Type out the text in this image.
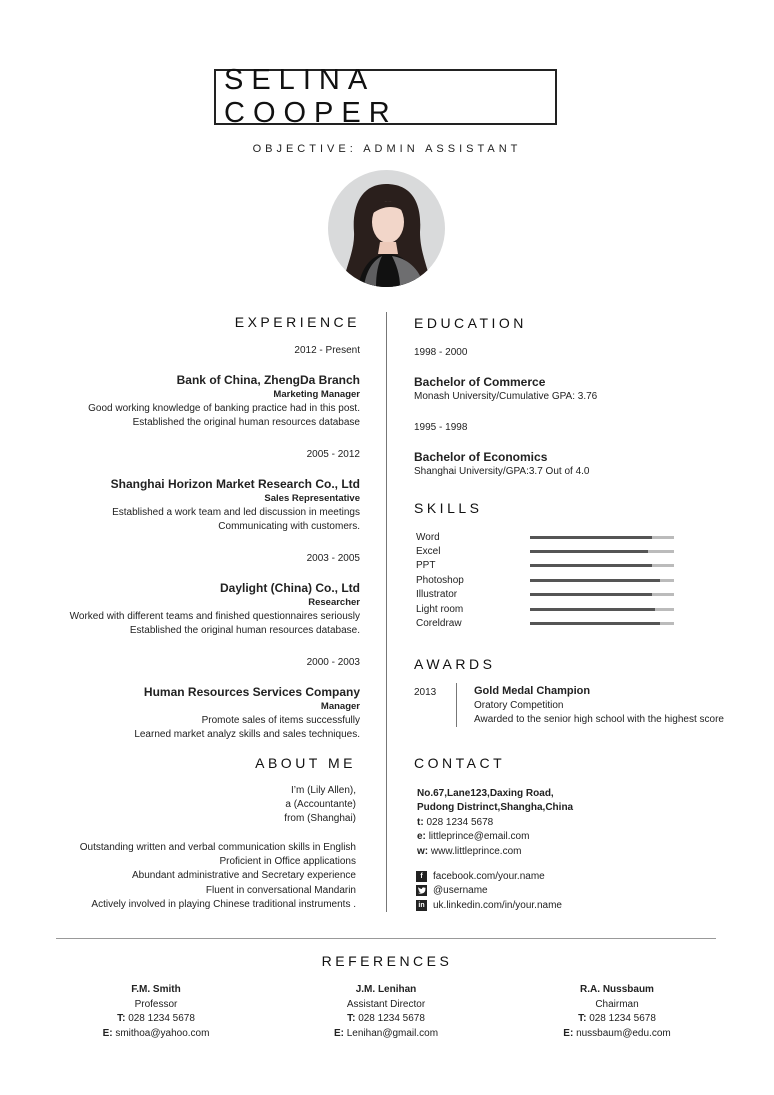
SELINA COOPER
OBJECTIVE: ADMIN ASSISTANT
EXPERIENCE
2012 - Present
Bank of China, ZhengDa Branch
Marketing Manager
Good working knowledge of banking practice had in this post.
Established the original human resources database
2005 - 2012
Shanghai Horizon Market Research Co., Ltd
Sales Representative
Established a work team and led discussion in meetings
Communicating with customers.
2003 - 2005
Daylight (China) Co., Ltd
Researcher
Worked with different teams and finished questionnaires seriously
Established the original human resources database.
2000 - 2003
Human Resources Services Company
Manager
Promote sales of items successfully
Learned market analyz skills and sales techniques.
ABOUT ME
I’m (Lily Allen),
a (Accountante)
from (Shanghai)
Outstanding written and verbal communication skills in English
Proficient in Office applications
Abundant administrative and Secretary experience
Fluent in conversational Mandarin
Actively involved in playing Chinese traditional instruments .
EDUCATION
1998 - 2000
Bachelor of Commerce
Monash University/Cumulative GPA: 3.76
1995 - 1998
Bachelor of Economics
Shanghai University/GPA:3.7 Out of 4.0
SKILLS
Word
Excel
PPT
Photoshop
Illustrator
Light room
Coreldraw
AWARDS
2013	Gold Medal Champion
Oratory Competition
Awarded to the senior high school with the highest score
CONTACT
No.67,Lane123,Daxing Road,
Pudong Distrinct,Shangha,China
t: 028 1234 5678
e: littleprince@email.com
w: www.littleprince.com
f	facebook.com/your.name
@username
in uk.linkedin.com/in/your.name
REFERENCES
F.M. Smith
Professor
T: 028 1234 5678
E: smithoa@yahoo.com
J.M. Lenihan
Assistant Director
T: 028 1234 5678
E: Lenihan@gmail.com
R.A. Nussbaum
Chairman
T: 028 1234 5678
E: nussbaum@edu.com
